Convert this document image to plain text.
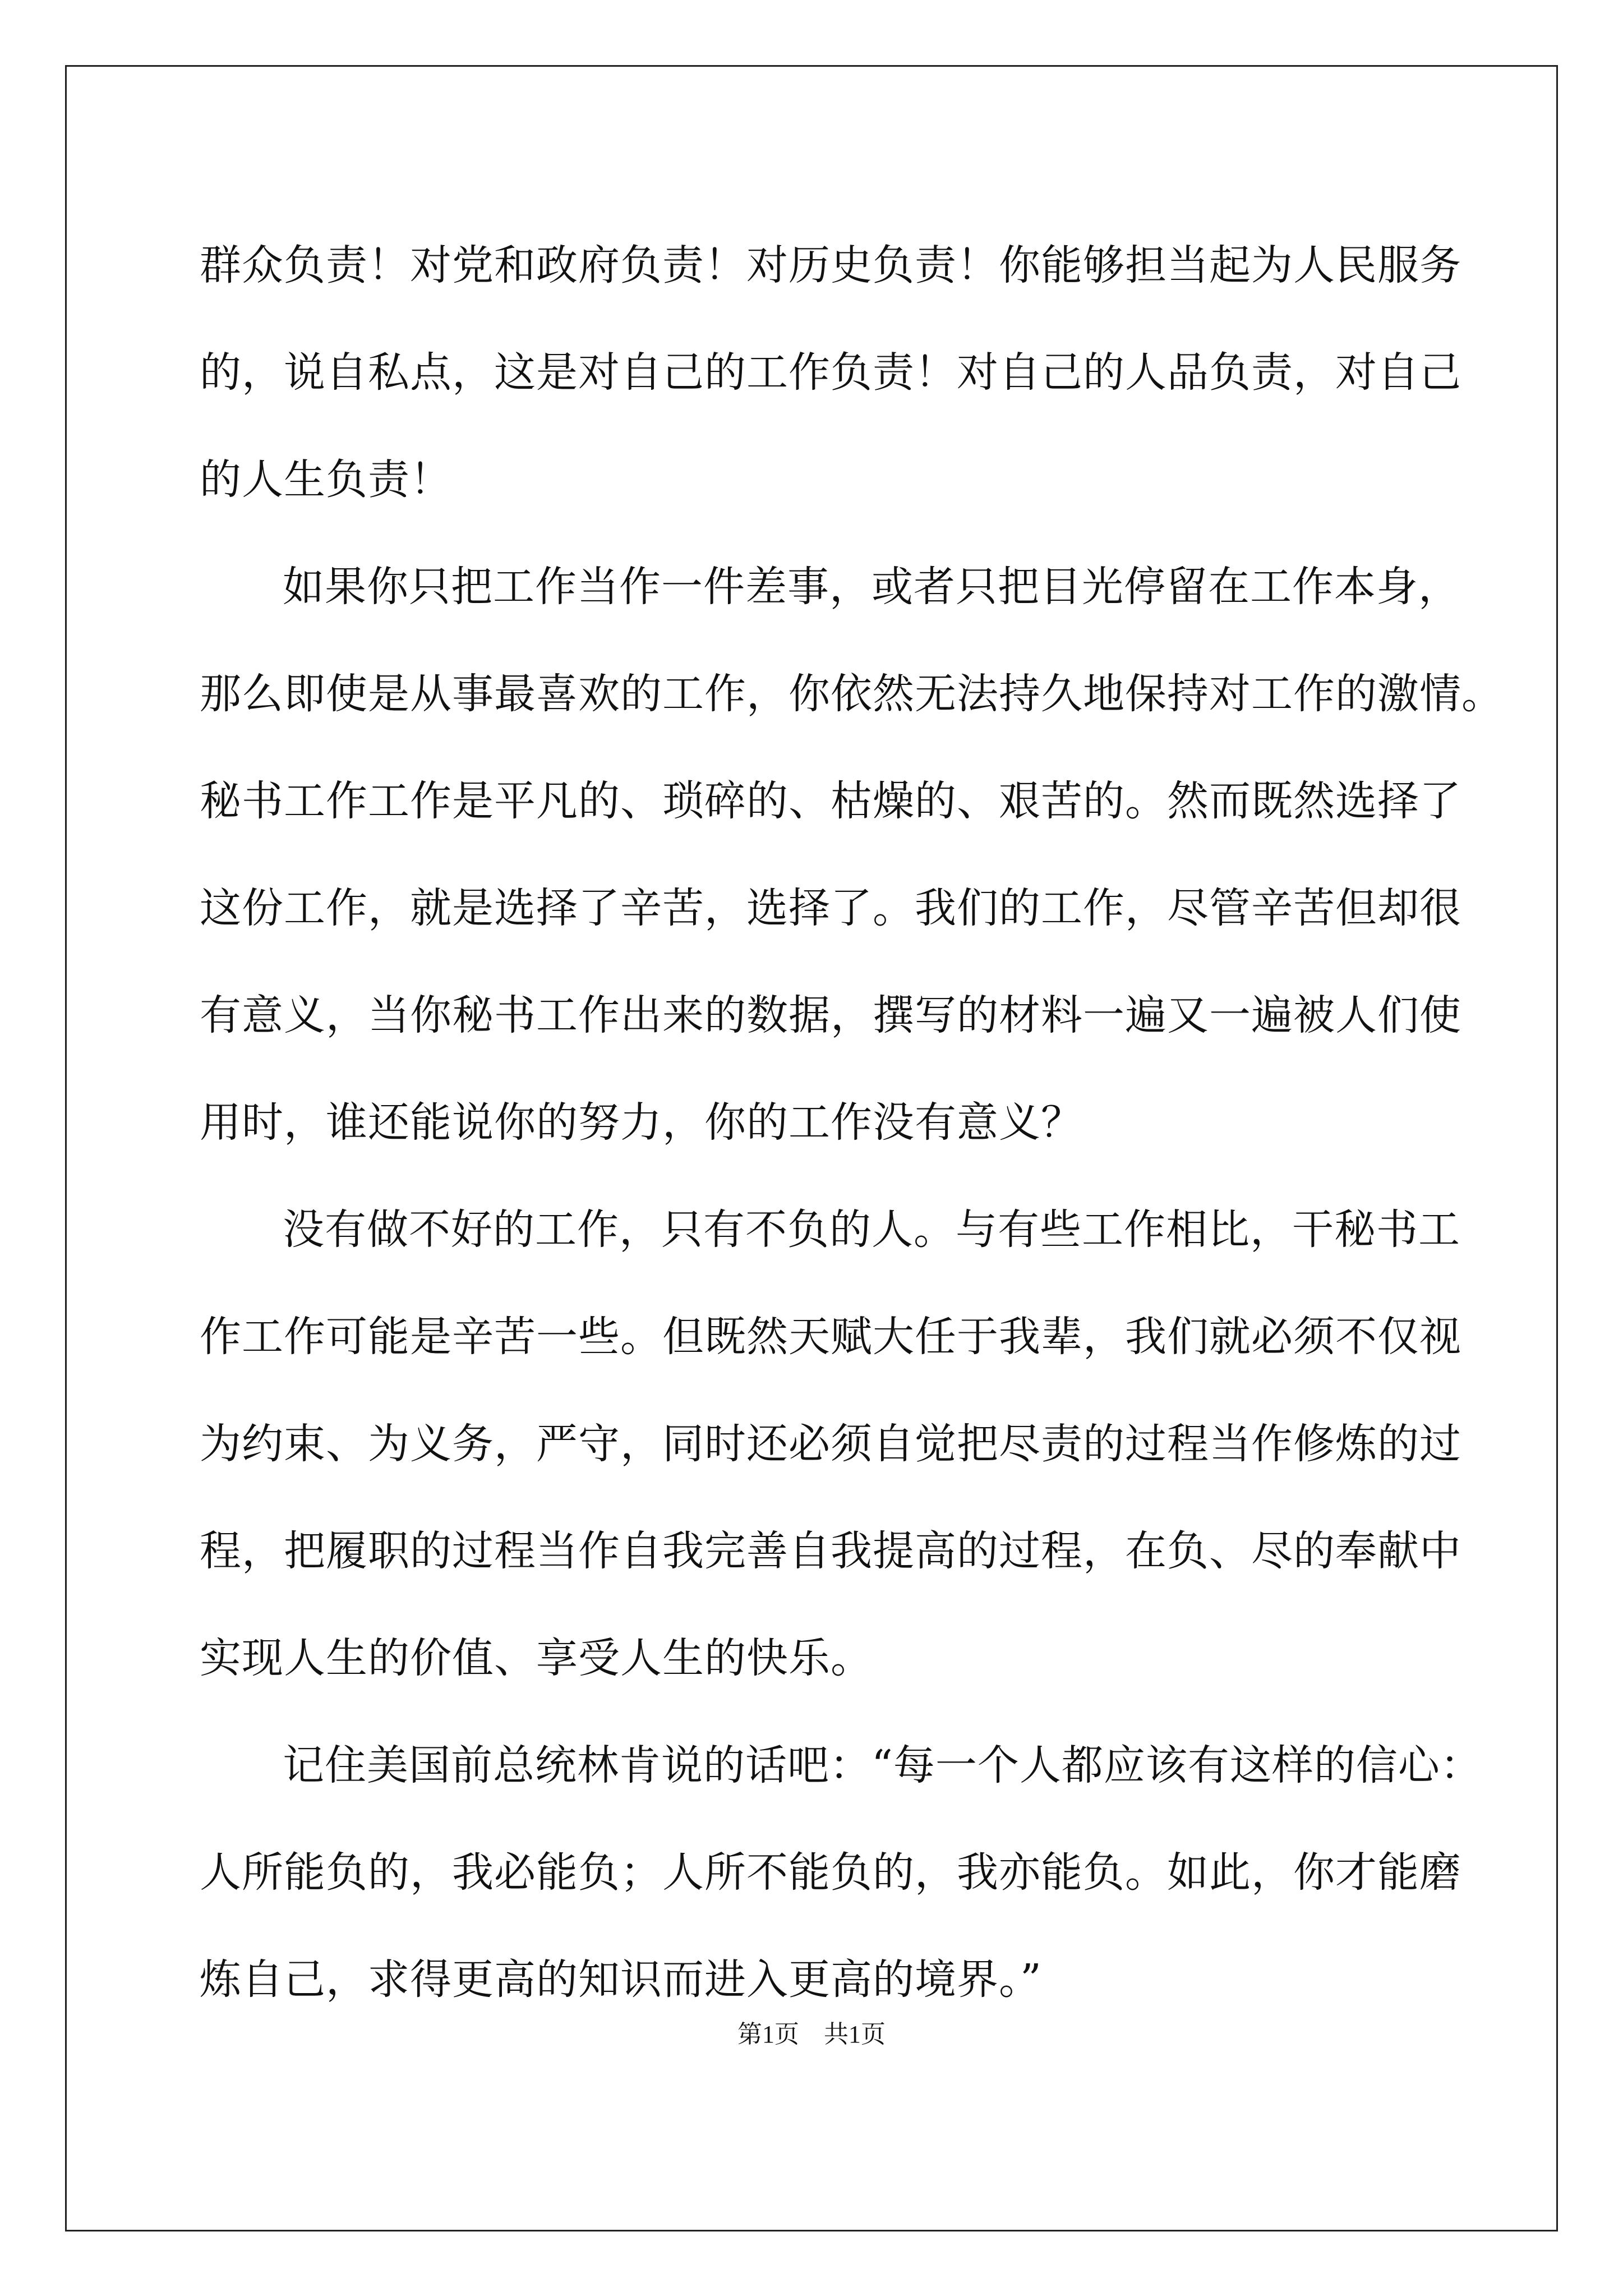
群众负责！对党和政府负责！对历史负责！你能够担当起为人民服务
的，说自私点，这是对自己的工作负责！对自己的人品负责，对自己
的人生负责！
如果你只把工作当作一件差事，或者只把目光停留在工作本身，
那么即使是从事最喜欢的工作，你依然无法持久地保持对工作的激情。
秘书工作工作是平凡的、琐碎的、枯燥的、艰苦的。然而既然选择了
这份工作，就是选择了辛苦，选择了。我们的工作，尽管辛苦但却很
有意义，当你秘书工作出来的数据，撰写的材料一遍又一遍被人们使
用时，谁还能说你的努力，你的工作没有意义？
没有做不好的工作，只有不负的人。与有些工作相比，干秘书工
作工作可能是辛苦一些。但既然天赋大任于我辈，我们就必须不仅视
为约束、为义务，严守，同时还必须自觉把尽责的过程当作修炼的过
程，把履职的过程当作自我完善自我提高的过程，在负、尽的奉献中
实现人生的价值、享受人生的快乐。
记住美国前总统林肯说的话吧：“每一个人都应该有这样的信心：
人所能负的，我必能负；人所不能负的，我亦能负。如此，你才能磨
炼自己，求得更高的知识而进入更高的境界。”
第1页 共1页
